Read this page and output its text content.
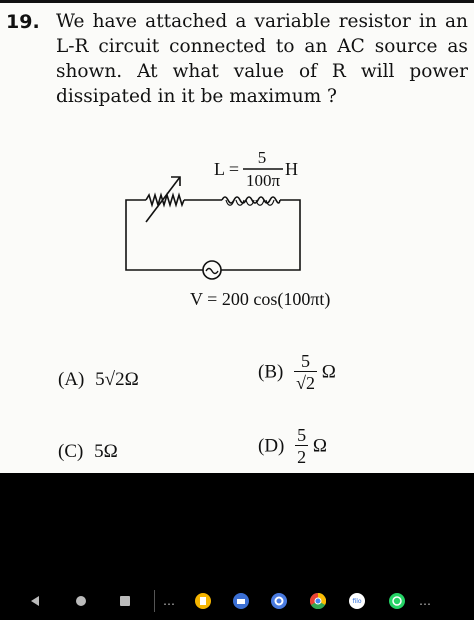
19. We have attached a variable resistor in an
L-R circuit connected to an AC source as
shown. At what value of R will power
dissipated in it be maximum ?
L =
5
100π
H
V = 200 cos(100πt)
(A) 5√2Ω	$(B) \frac{5}{√2}$ Ω
(C) 5Ω	$(D) \frac{5}{2}$ Ω
…	filo	…
